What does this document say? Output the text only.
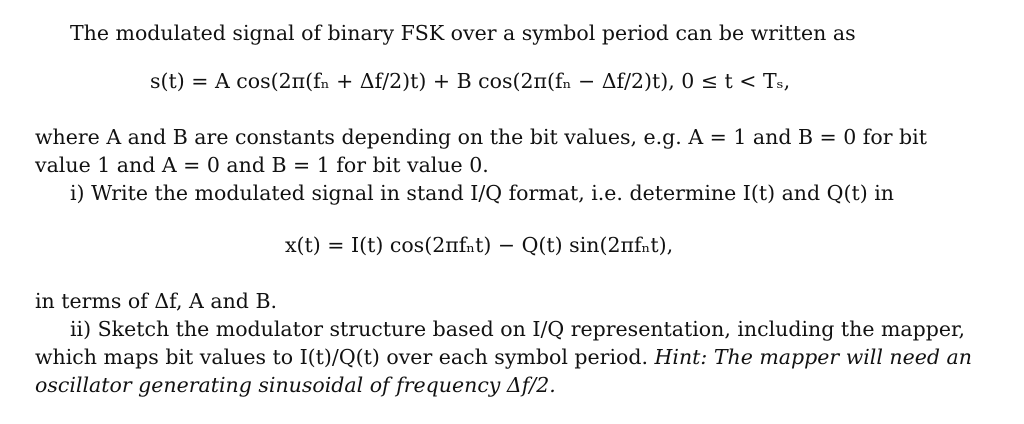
The modulated signal of binary FSK over a symbol period can be written as
s(t) = A cos(2π(fₙ + Δf/2)t) + B cos(2π(fₙ − Δf/2)t), 0 ≤ t < Tₛ,
where A and B are constants depending on the bit values, e.g. A = 1 and B = 0 for bit
value 1 and A = 0 and B = 1 for bit value 0.
i) Write the modulated signal in stand I/Q format, i.e. determine I(t) and Q(t) in
x(t) = I(t) cos(2πfₙt) − Q(t) sin(2πfₙt),
in terms of Δf, A and B.
ii) Sketch the modulator structure based on I/Q representation, including the mapper,
which maps bit values to I(t)/Q(t) over each symbol period. Hint: The mapper will need an
oscillator generating sinusoidal of frequency Δf/2.
